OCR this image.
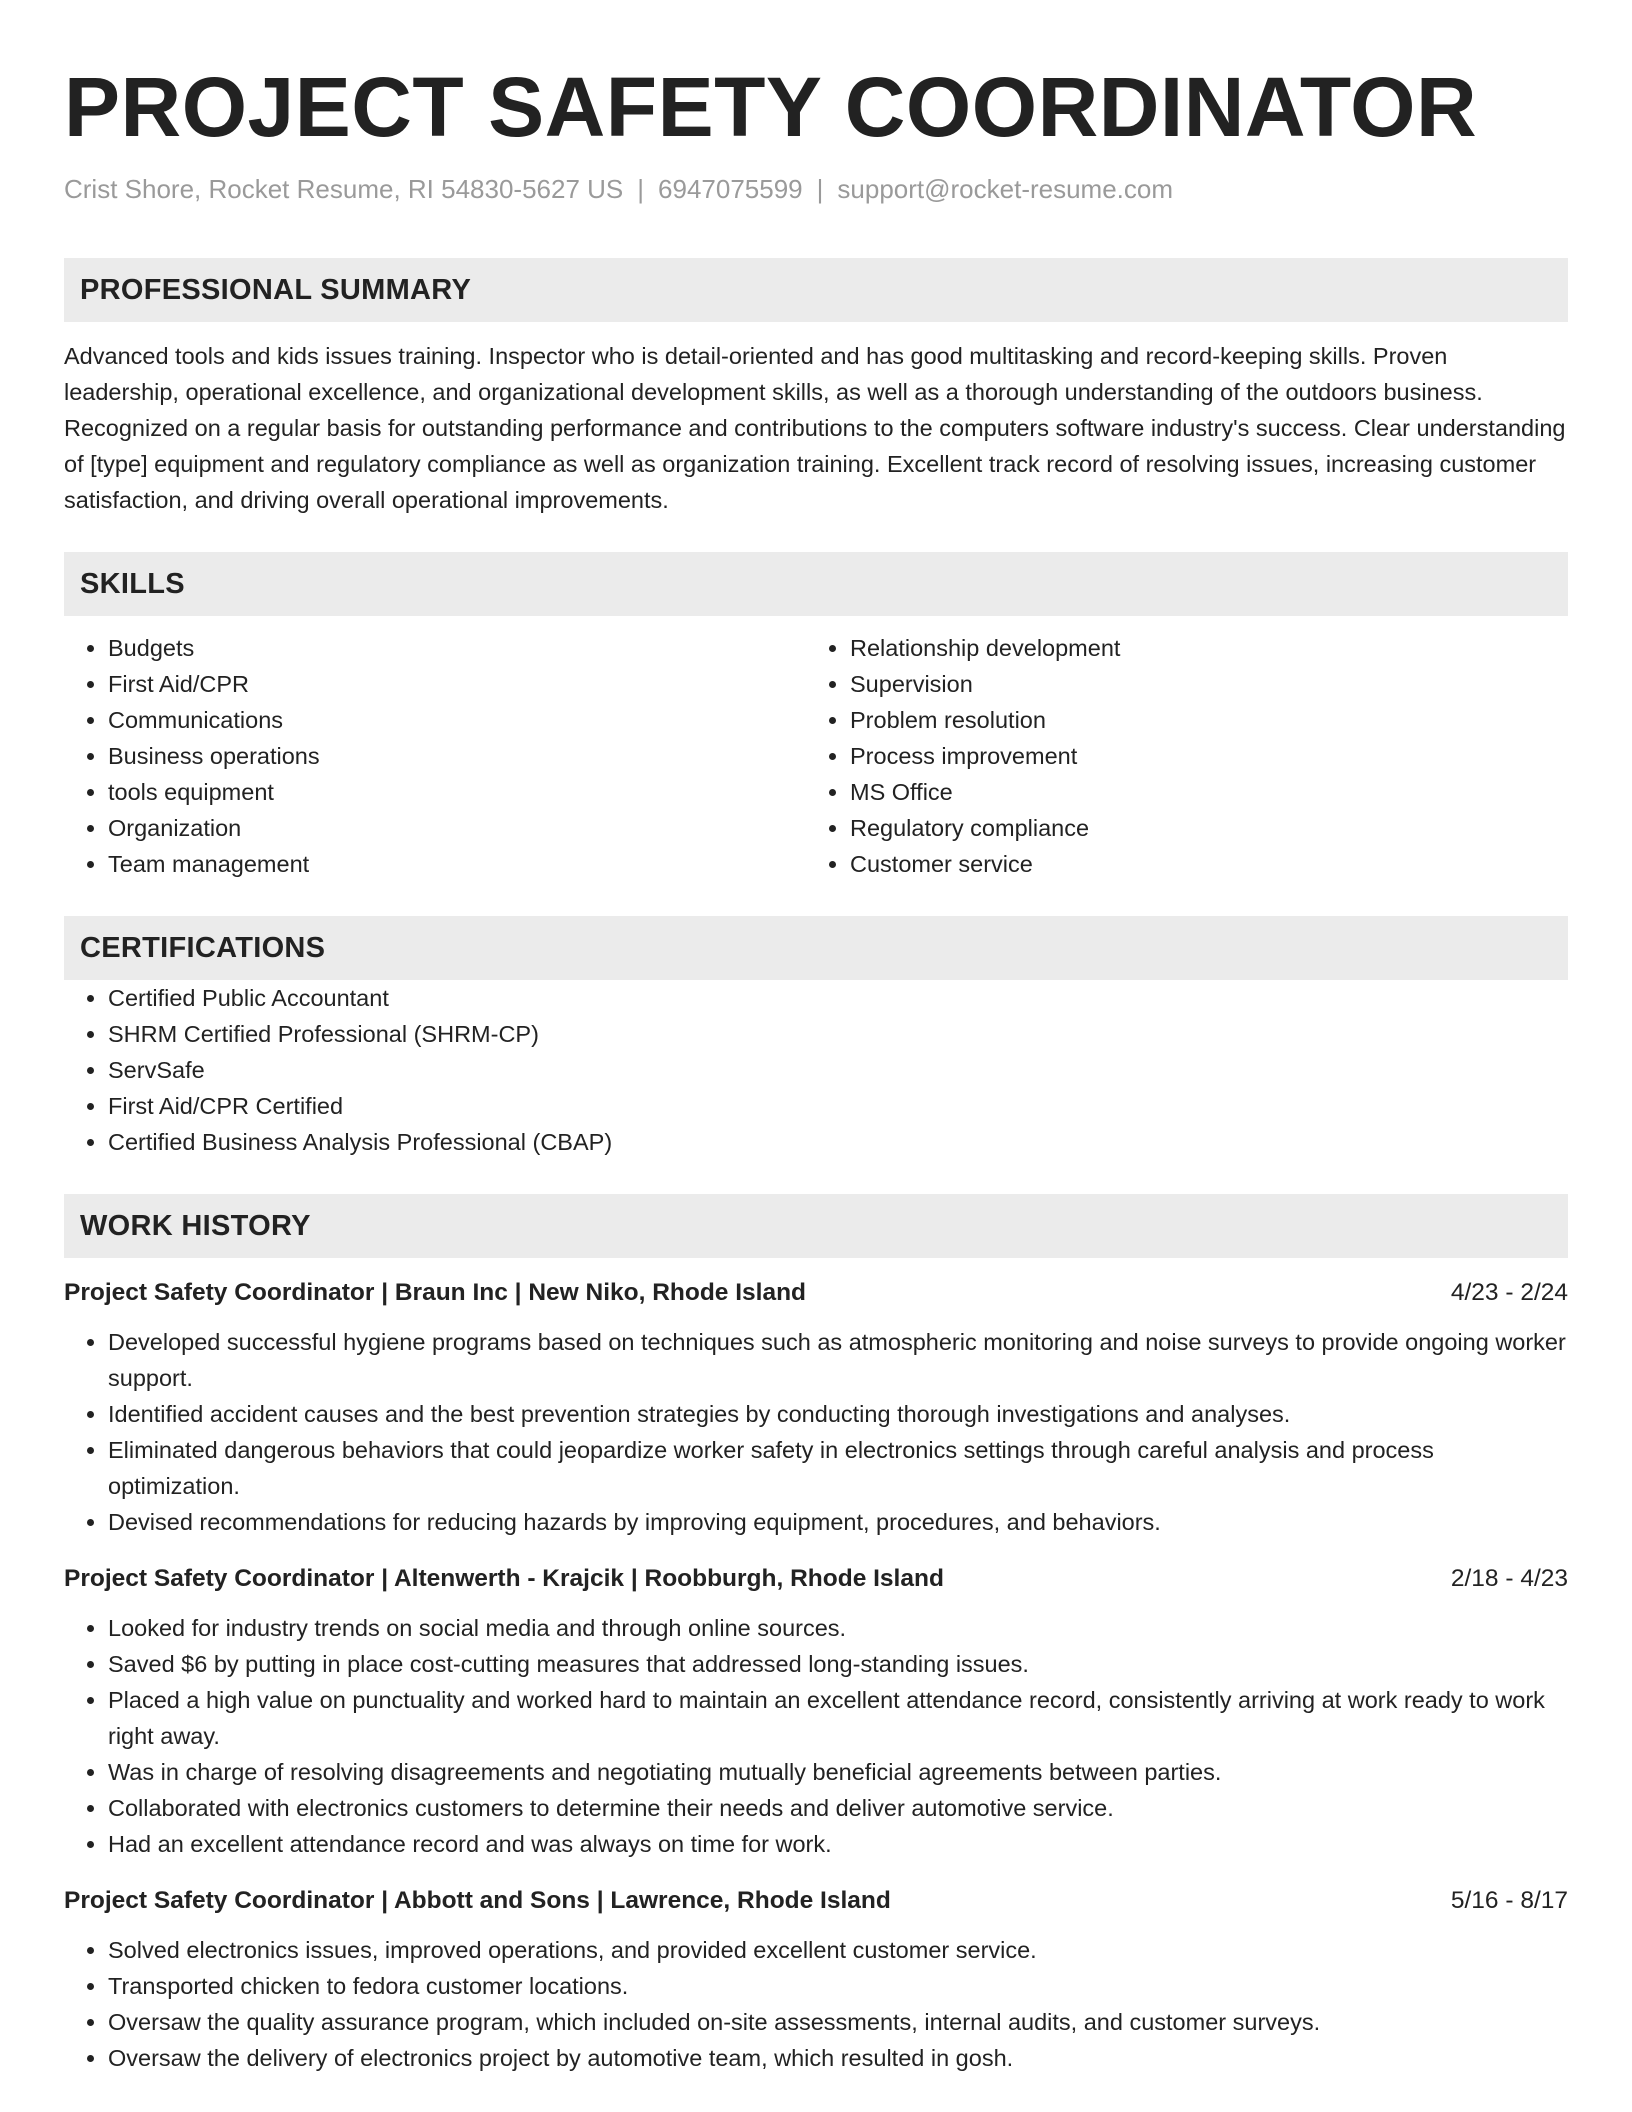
PROJECT SAFETY COORDINATOR
Crist Shore, Rocket Resume, RI 54830-5627 US | 6947075599 | support@rocket-resume.com
PROFESSIONAL SUMMARY
Advanced tools and kids issues training. Inspector who is detail-oriented and has good multitasking and record-keeping skills. Proven leadership, operational excellence, and organizational development skills, as well as a thorough understanding of the outdoors business. Recognized on a regular basis for outstanding performance and contributions to the computers software industry's success. Clear understanding of [type] equipment and regulatory compliance as well as organization training. Excellent track record of resolving issues, increasing customer satisfaction, and driving overall operational improvements.
SKILLS
• Budgets
• First Aid/CPR
• Communications
• Business operations
• tools equipment
• Organization
• Team management
• Relationship development
• Supervision
• Problem resolution
• Process improvement
• MS Office
• Regulatory compliance
• Customer service
CERTIFICATIONS
• Certified Public Accountant
• SHRM Certified Professional (SHRM-CP)
• ServSafe
• First Aid/CPR Certified
• Certified Business Analysis Professional (CBAP)
WORK HISTORY
Project Safety Coordinator | Braun Inc | New Niko, Rhode Island	4/23 - 2/24
• Developed successful hygiene programs based on techniques such as atmospheric monitoring and noise surveys to provide ongoing worker support.
• Identified accident causes and the best prevention strategies by conducting thorough investigations and analyses.
• Eliminated dangerous behaviors that could jeopardize worker safety in electronics settings through careful analysis and process optimization.
• Devised recommendations for reducing hazards by improving equipment, procedures, and behaviors.
Project Safety Coordinator | Altenwerth - Krajcik | Roobburgh, Rhode Island	2/18 - 4/23
• Looked for industry trends on social media and through online sources.
• Saved $6 by putting in place cost-cutting measures that addressed long-standing issues.
• Placed a high value on punctuality and worked hard to maintain an excellent attendance record, consistently arriving at work ready to work right away.
• Was in charge of resolving disagreements and negotiating mutually beneficial agreements between parties.
• Collaborated with electronics customers to determine their needs and deliver automotive service.
• Had an excellent attendance record and was always on time for work.
Project Safety Coordinator | Abbott and Sons | Lawrence, Rhode Island	5/16 - 8/17
• Solved electronics issues, improved operations, and provided excellent customer service.
• Transported chicken to fedora customer locations.
• Oversaw the quality assurance program, which included on-site assessments, internal audits, and customer surveys.
• Oversaw the delivery of electronics project by automotive team, which resulted in gosh.
